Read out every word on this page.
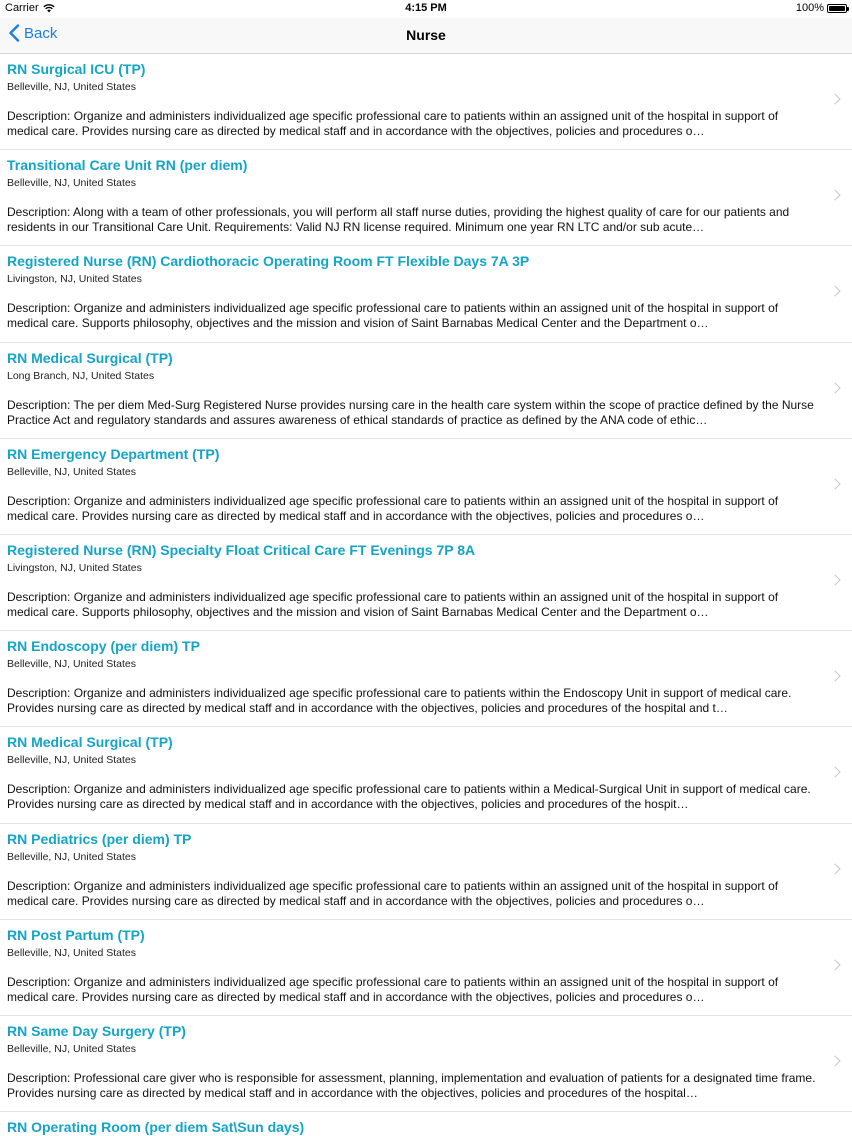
Carrier	4:15 PM	100%
Back	Nurse
RN Surgical ICU (TP)
Belleville, NJ, United States
Description: Organize and administers individualized age specific professional care to patients within an assigned unit of the hospital in support of medical care. Provides nursing care as directed by medical staff and in accordance with the objectives, policies and procedures o…
Transitional Care Unit RN (per diem)
Belleville, NJ, United States
Description: Along with a team of other professionals, you will perform all staff nurse duties, providing the highest quality of care for our patients and residents in our Transitional Care Unit. Requirements: Valid NJ RN license required. Minimum one year RN LTC and/or sub acute…
Registered Nurse (RN) Cardiothoracic Operating Room FT Flexible Days 7A 3P
Livingston, NJ, United States
Description: Organize and administers individualized age specific professional care to patients within an assigned unit of the hospital in support of medical care. Supports philosophy, objectives and the mission and vision of Saint Barnabas Medical Center and the Department o…
RN Medical Surgical (TP)
Long Branch, NJ, United States
Description: The per diem Med-Surg Registered Nurse provides nursing care in the health care system within the scope of practice defined by the Nurse Practice Act and regulatory standards and assures awareness of ethical standards of practice as defined by the ANA code of ethic…
RN Emergency Department (TP)
Belleville, NJ, United States
Description: Organize and administers individualized age specific professional care to patients within an assigned unit of the hospital in support of medical care. Provides nursing care as directed by medical staff and in accordance with the objectives, policies and procedures o…
Registered Nurse (RN) Specialty Float Critical Care FT Evenings 7P 8A
Livingston, NJ, United States
Description: Organize and administers individualized age specific professional care to patients within an assigned unit of the hospital in support of medical care. Supports philosophy, objectives and the mission and vision of Saint Barnabas Medical Center and the Department o…
RN Endoscopy (per diem) TP
Belleville, NJ, United States
Description: Organize and administers individualized age specific professional care to patients within the Endoscopy Unit in support of medical care. Provides nursing care as directed by medical staff and in accordance with the objectives, policies and procedures of the hospital and t…
RN Medical Surgical (TP)
Belleville, NJ, United States
Description: Organize and administers individualized age specific professional care to patients within a Medical-Surgical Unit in support of medical care. Provides nursing care as directed by medical staff and in accordance with the objectives, policies and procedures of the hospit…
RN Pediatrics (per diem) TP
Belleville, NJ, United States
Description: Organize and administers individualized age specific professional care to patients within an assigned unit of the hospital in support of medical care. Provides nursing care as directed by medical staff and in accordance with the objectives, policies and procedures o…
RN Post Partum (TP)
Belleville, NJ, United States
Description: Organize and administers individualized age specific professional care to patients within an assigned unit of the hospital in support of medical care. Provides nursing care as directed by medical staff and in accordance with the objectives, policies and procedures o…
RN Same Day Surgery (TP)
Belleville, NJ, United States
Description: Professional care giver who is responsible for assessment, planning, implementation and evaluation of patients for a designated time frame. Provides nursing care as directed by medical staff and in accordance with the objectives, policies and procedures of the hospital…
RN Operating Room (per diem Sat\Sun days)
